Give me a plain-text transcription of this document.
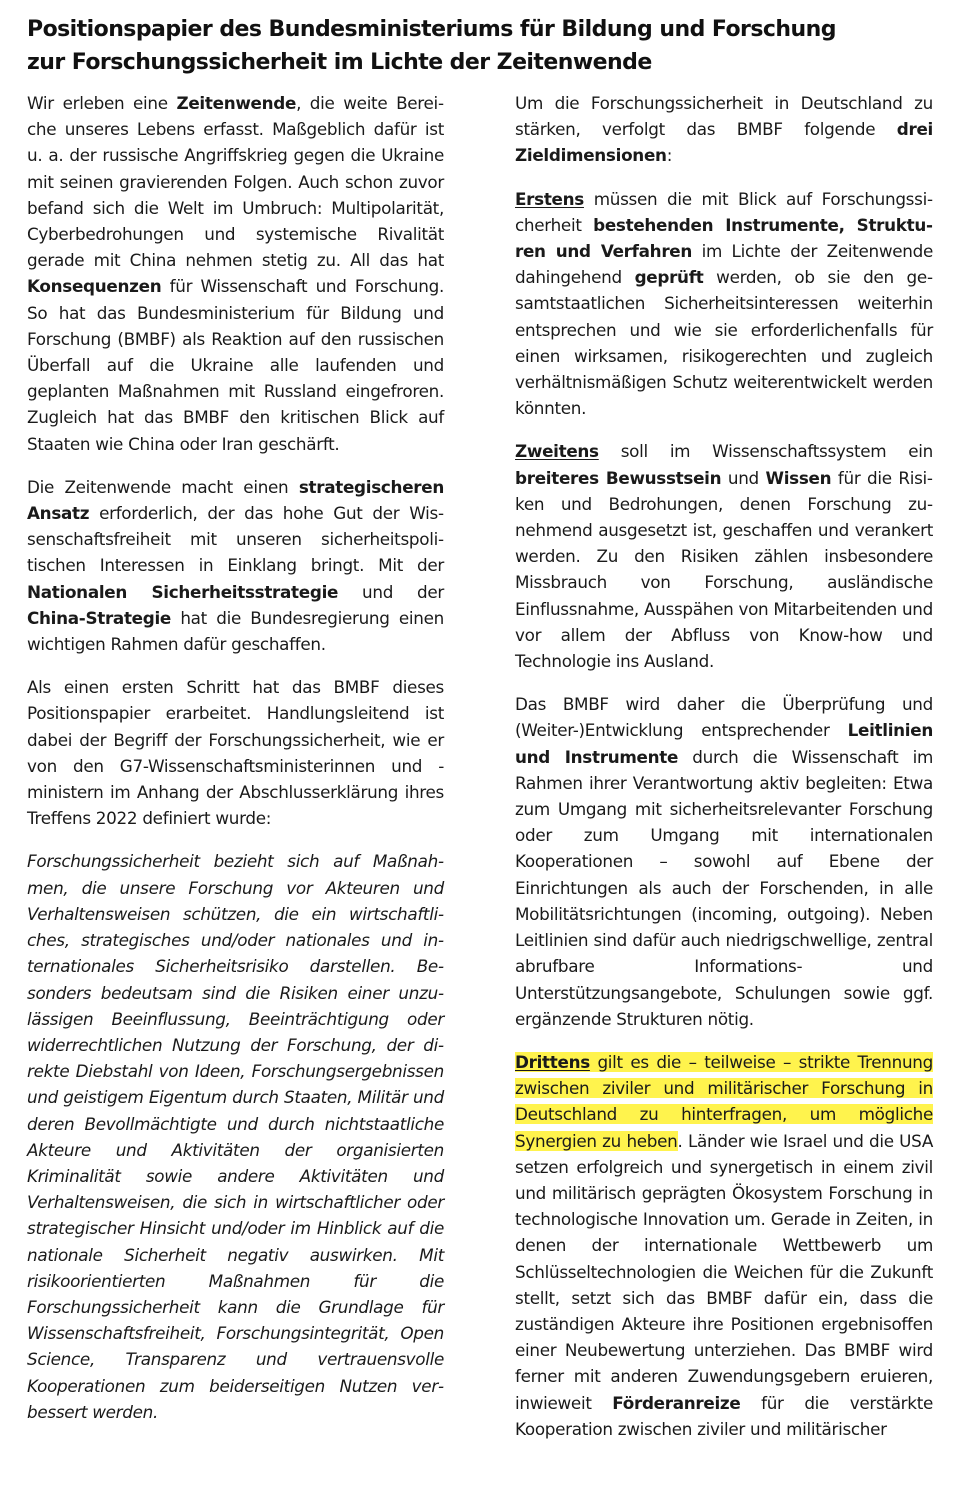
Positionspapier des Bundesministeriums für Bildung und Forschung
zur Forschungssicherheit im Lichte der Zeitenwende

Wir erleben eine Zeitenwende, die weite Bereiche unseres Lebens erfasst. Maßgeblich dafür ist u. a. der russische Angriffskrieg gegen die Ukraine mit seinen gravierenden Folgen. Auch schon zuvor befand sich die Welt im Umbruch: Multipolarität, Cyberbedrohungen und systemische Rivalität gerade mit China nehmen stetig zu. All das hat Konsequenzen für Wissenschaft und Forschung. So hat das Bundesministerium für Bildung und Forschung (BMBF) als Reaktion auf den russischen Überfall auf die Ukraine alle laufenden und geplanten Maßnahmen mit Russland eingefroren. Zugleich hat das BMBF den kritischen Blick auf Staaten wie China oder Iran geschärft.

Die Zeitenwende macht einen strategischeren Ansatz erforderlich, der das hohe Gut der Wissenschaftsfreiheit mit unseren sicherheitspolitischen Interessen in Einklang bringt. Mit der Nationalen Sicherheitsstrategie und der China-Strategie hat die Bundesregierung einen wichtigen Rahmen dafür geschaffen.

Als einen ersten Schritt hat das BMBF dieses Positionspapier erarbeitet. Handlungsleitend ist dabei der Begriff der Forschungssicherheit, wie er von den G7-Wissenschaftsministerinnen und -ministern im Anhang der Abschlusserklärung ihres Treffens 2022 definiert wurde:

Forschungssicherheit bezieht sich auf Maßnahmen, die unsere Forschung vor Akteuren und Verhaltensweisen schützen, die ein wirtschaftliches, strategisches und/oder nationales und internationales Sicherheitsrisiko darstellen. Besonders bedeutsam sind die Risiken einer unzulässigen Beeinflussung, Beeinträchtigung oder widerrechtlichen Nutzung der Forschung, der direkte Diebstahl von Ideen, Forschungsergebnissen und geistigem Eigentum durch Staaten, Militär und deren Bevollmächtigte und durch nichtstaatliche Akteure und Aktivitäten der organisierten Kriminalität sowie andere Aktivitäten und Verhaltensweisen, die sich in wirtschaftlicher oder strategischer Hinsicht und/oder im Hinblick auf die nationale Sicherheit negativ auswirken. Mit risikoorientierten Maßnahmen für die Forschungssicherheit kann die Grundlage für Wissenschaftsfreiheit, Forschungsintegrität, Open Science, Transparenz und vertrauensvolle Kooperationen zum beiderseitigen Nutzen verbessert werden.

Um die Forschungssicherheit in Deutschland zu stärken, verfolgt das BMBF folgende drei Zieldimensionen:

Erstens müssen die mit Blick auf Forschungssicherheit bestehenden Instrumente, Strukturen und Verfahren im Lichte der Zeitenwende dahingehend geprüft werden, ob sie den gesamtstaatlichen Sicherheitsinteressen weiterhin entsprechen und wie sie erforderlichenfalls für einen wirksamen, risikogerechten und zugleich verhältnismäßigen Schutz weiterentwickelt werden könnten.

Zweitens soll im Wissenschaftssystem ein breiteres Bewusstsein und Wissen für die Risiken und Bedrohungen, denen Forschung zunehmend ausgesetzt ist, geschaffen und verankert werden. Zu den Risiken zählen insbesondere Missbrauch von Forschung, ausländische Einflussnahme, Ausspähen von Mitarbeitenden und vor allem der Abfluss von Know-how und Technologie ins Ausland.

Das BMBF wird daher die Überprüfung und (Weiter-)Entwicklung entsprechender Leitlinien und Instrumente durch die Wissenschaft im Rahmen ihrer Verantwortung aktiv begleiten: Etwa zum Umgang mit sicherheitsrelevanter Forschung oder zum Umgang mit internationalen Kooperationen – sowohl auf Ebene der Einrichtungen als auch der Forschenden, in alle Mobilitätsrichtungen (incoming, outgoing). Neben Leitlinien sind dafür auch niedrigschwellige, zentral abrufbare Informations- und Unterstützungsangebote, Schulungen sowie ggf. ergänzende Strukturen nötig.

Drittens gilt es die – teilweise – strikte Trennung zwischen ziviler und militärischer Forschung in Deutschland zu hinterfragen, um mögliche Synergien zu heben. Länder wie Israel und die USA setzen erfolgreich und synergetisch in einem zivil und militärisch geprägten Ökosystem Forschung in technologische Innovation um. Gerade in Zeiten, in denen der internationale Wettbewerb um Schlüsseltechnologien die Weichen für die Zukunft stellt, setzt sich das BMBF dafür ein, dass die zuständigen Akteure ihre Positionen ergebnisoffen einer Neubewertung unterziehen. Das BMBF wird ferner mit anderen Zuwendungsgebern eruieren, inwieweit Förderanreize für die verstärkte Kooperation zwischen ziviler und militärischer
